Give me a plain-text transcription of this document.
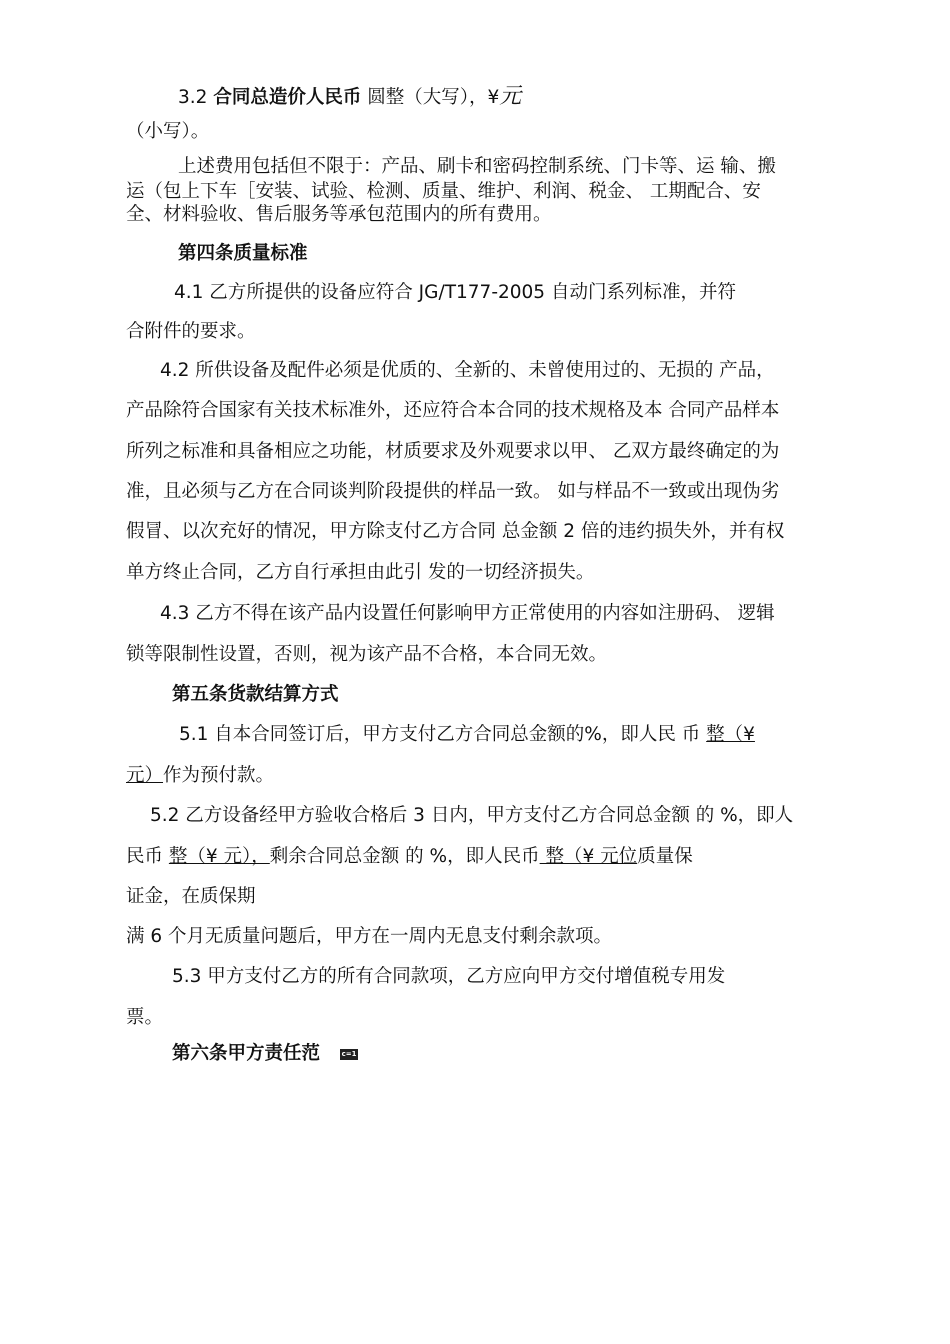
3.2 合同总造价人民币 圆整（大写），¥元
（小写）。
上述费用包括但不限于：产品、刷卡和密码控制系统、门卡等、运 输、搬
运（包上下车［安装、试验、检测、质量、维护、利润、税金、 工期配合、安
全、材料验收、售后服务等承包范围内的所有费用。
第四条质量标准
4.1 乙方所提供的设备应符合 JG/T177-2005 自动门系列标准，并符
合附件的要求。
4.2 所供设备及配件必须是优质的、全新的、未曾使用过的、无损的 产品，
产品除符合国家有关技术标准外，还应符合本合同的技术规格及本 合同产品样本
所列之标准和具备相应之功能，材质要求及外观要求以甲、 乙双方最终确定的为
准，且必须与乙方在合同谈判阶段提供的样品一致。 如与样品不一致或出现伪劣
假冒、以次充好的情况，甲方除支付乙方合同 总金额 2 倍的违约损失外，并有权
单方终止合同，乙方自行承担由此引 发的一切经济损失。
4.3 乙方不得在该产品内设置任何影响甲方正常使用的内容如注册码、 逻辑
锁等限制性设置，否则，视为该产品不合格，本合同无效。
第五条货款结算方式
5.1 自本合同签订后，甲方支付乙方合同总金额的%，即人民 币 整（¥
元）作为预付款。
5.2 乙方设备经甲方验收合格后 3 日内，甲方支付乙方合同总金额 的 %，即人
民币 整（¥ 元），剩余合同总金额 的 %，即人民币 整（¥ 元位质量保
证金，在质保期
满 6 个月无质量问题后，甲方在一周内无息支付剩余款项。
5.3 甲方支付乙方的所有合同款项，乙方应向甲方交付增值税专用发
票。
第六条甲方责任范	c=1
